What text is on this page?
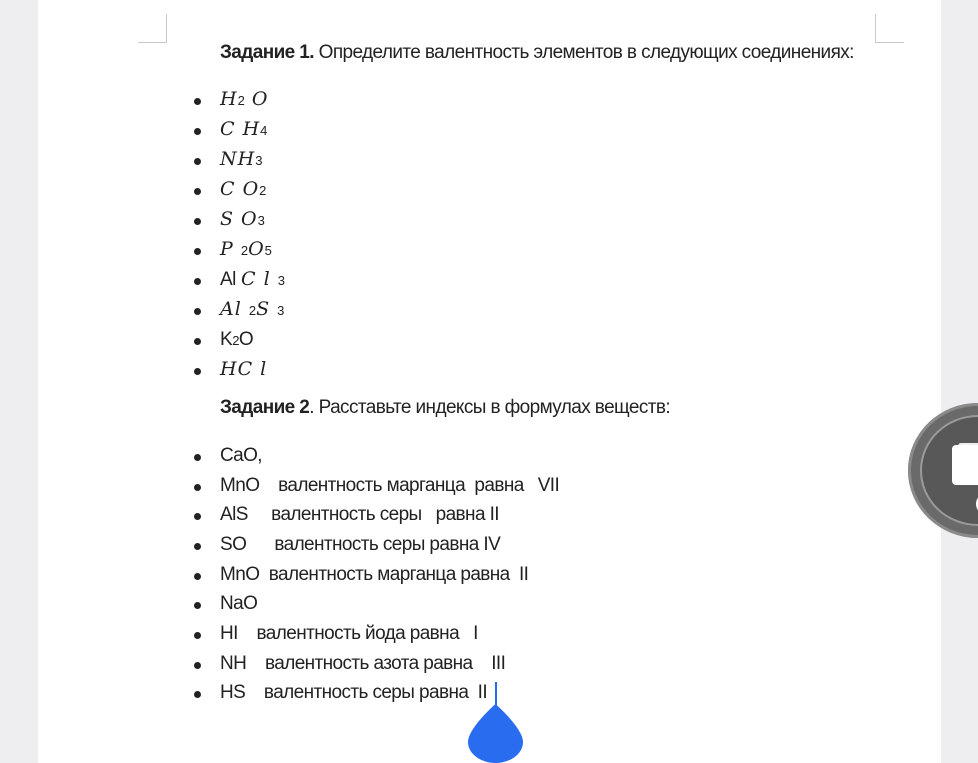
Задание 1. Определите валентность элементов в следующих соединениях:
H2 O
C H4
NH3
C O2
S O3
P 2O5
Al C l 3
Al 2S 3
K2O
HC l
Задание 2. Расставьте индексы в формулах веществ:
CaO,
MnO    валентность марганца  равна   VII
AlS     валентность серы   равна II
SO      валентность серы равна IV
MnO  валентность марганца равна  II
NaO
HI    валентность йода равна   I
NH    валентность азота равна    III
HS    валентность серы равна  II
